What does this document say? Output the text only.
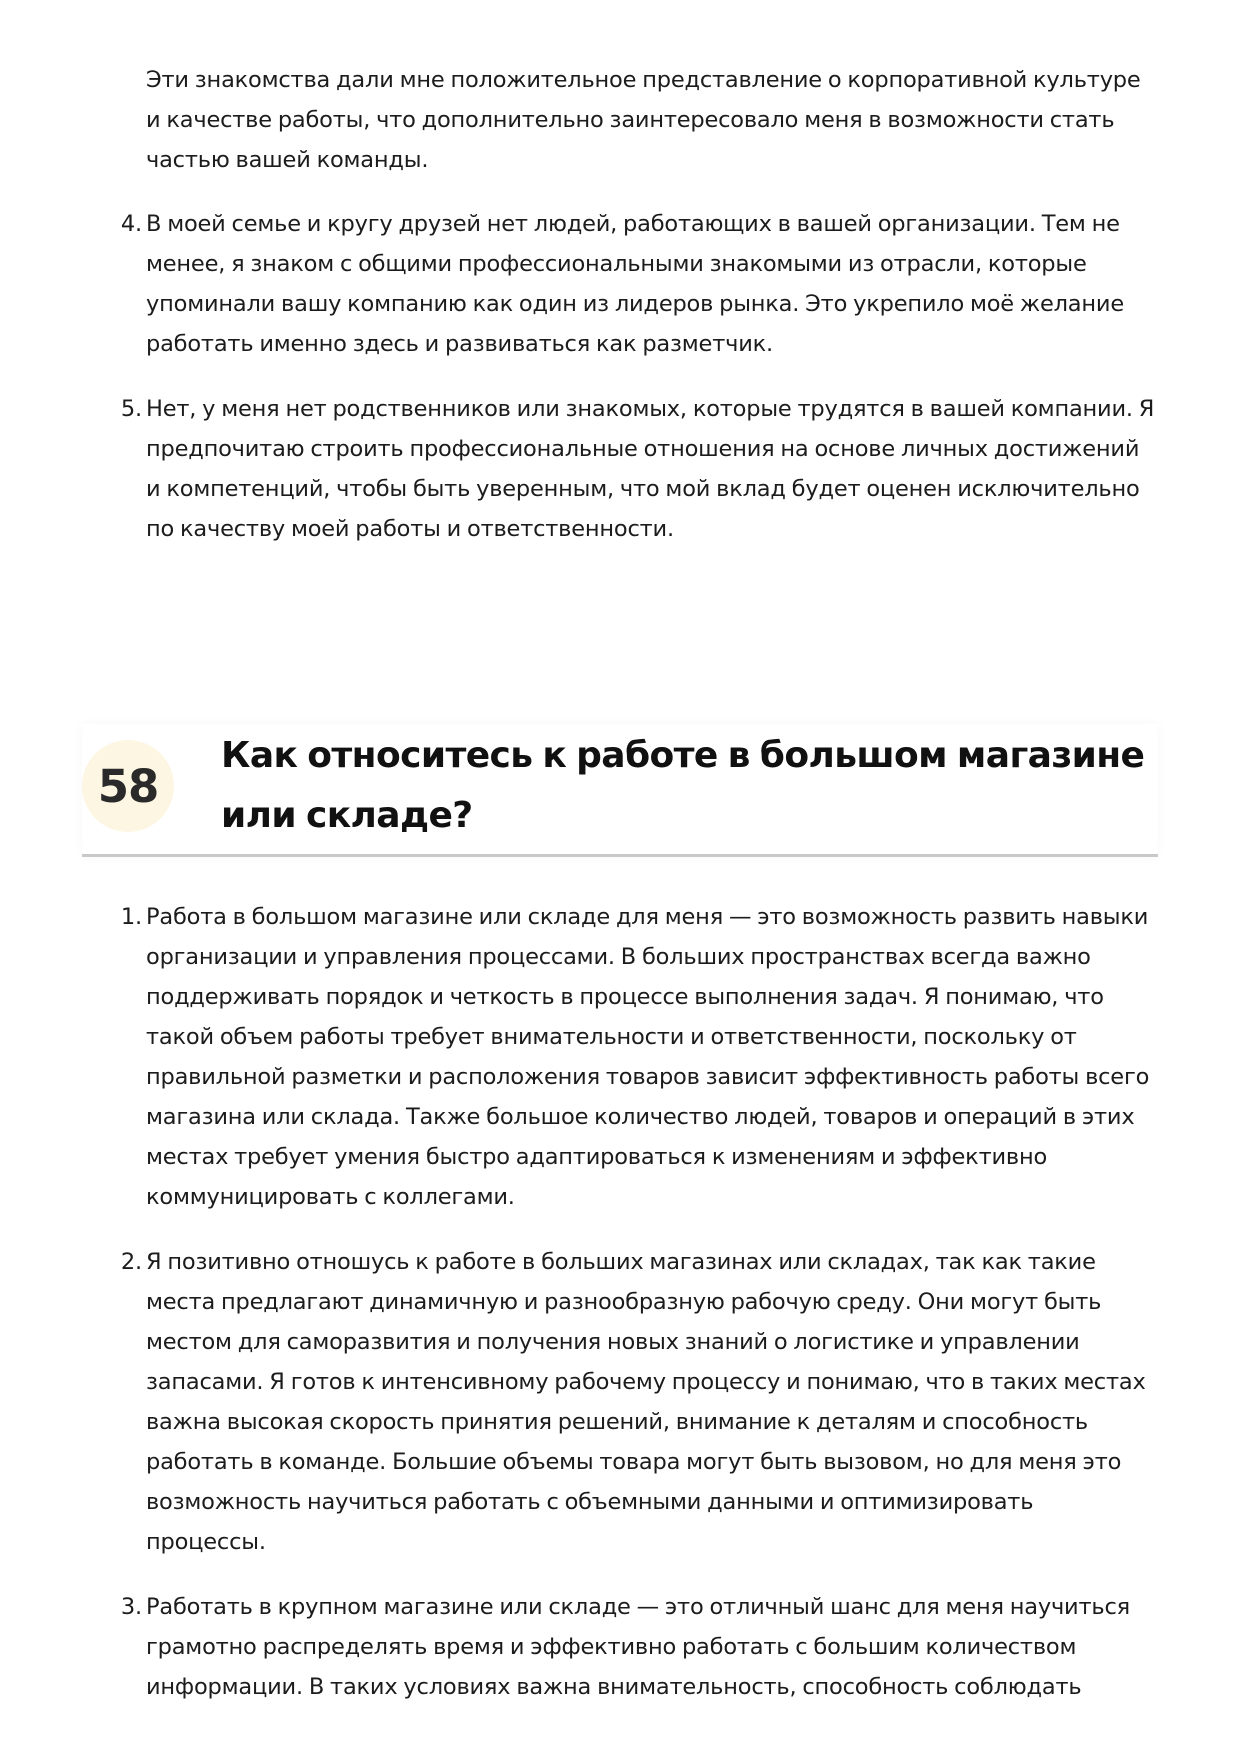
Эти знакомства дали мне положительное представление о корпоративной культуре и качестве работы, что дополнительно заинтересовало меня в возможности стать частью вашей команды.

4. В моей семье и кругу друзей нет людей, работающих в вашей организации. Тем не менее, я знаком с общими профессиональными знакомыми из отрасли, которые упоминали вашу компанию как один из лидеров рынка. Это укрепило моё желание работать именно здесь и развиваться как разметчик.
5. Нет, у меня нет родственников или знакомых, которые трудятся в вашей компании. Я предпочитаю строить профессиональные отношения на основе личных достижений и компетенций, чтобы быть уверенным, что мой вклад будет оценен исключительно по качеству моей работы и ответственности.
58
Как относитесь к работе в большом магазине или складе?
1. Работа в большом магазине или складе для меня — это возможность развить навыки организации и управления процессами. В больших пространствах всегда важно поддерживать порядок и четкость в процессе выполнения задач. Я понимаю, что такой объем работы требует внимательности и ответственности, поскольку от правильной разметки и расположения товаров зависит эффективность работы всего магазина или склада. Также большое количество людей, товаров и операций в этих местах требует умения быстро адаптироваться к изменениям и эффективно коммуницировать с коллегами.
2. Я позитивно отношусь к работе в больших магазинах или складах, так как такие места предлагают динамичную и разнообразную рабочую среду. Они могут быть местом для саморазвития и получения новых знаний о логистике и управлении запасами. Я готов к интенсивному рабочему процессу и понимаю, что в таких местах важна высокая скорость принятия решений, внимание к деталям и способность работать в команде. Большие объемы товара могут быть вызовом, но для меня это возможность научиться работать с объемными данными и оптимизировать процессы.
3. Работать в крупном магазине или складе — это отличный шанс для меня научиться грамотно распределять время и эффективно работать с большим количеством информации. В таких условиях важна внимательность, способность соблюдать
